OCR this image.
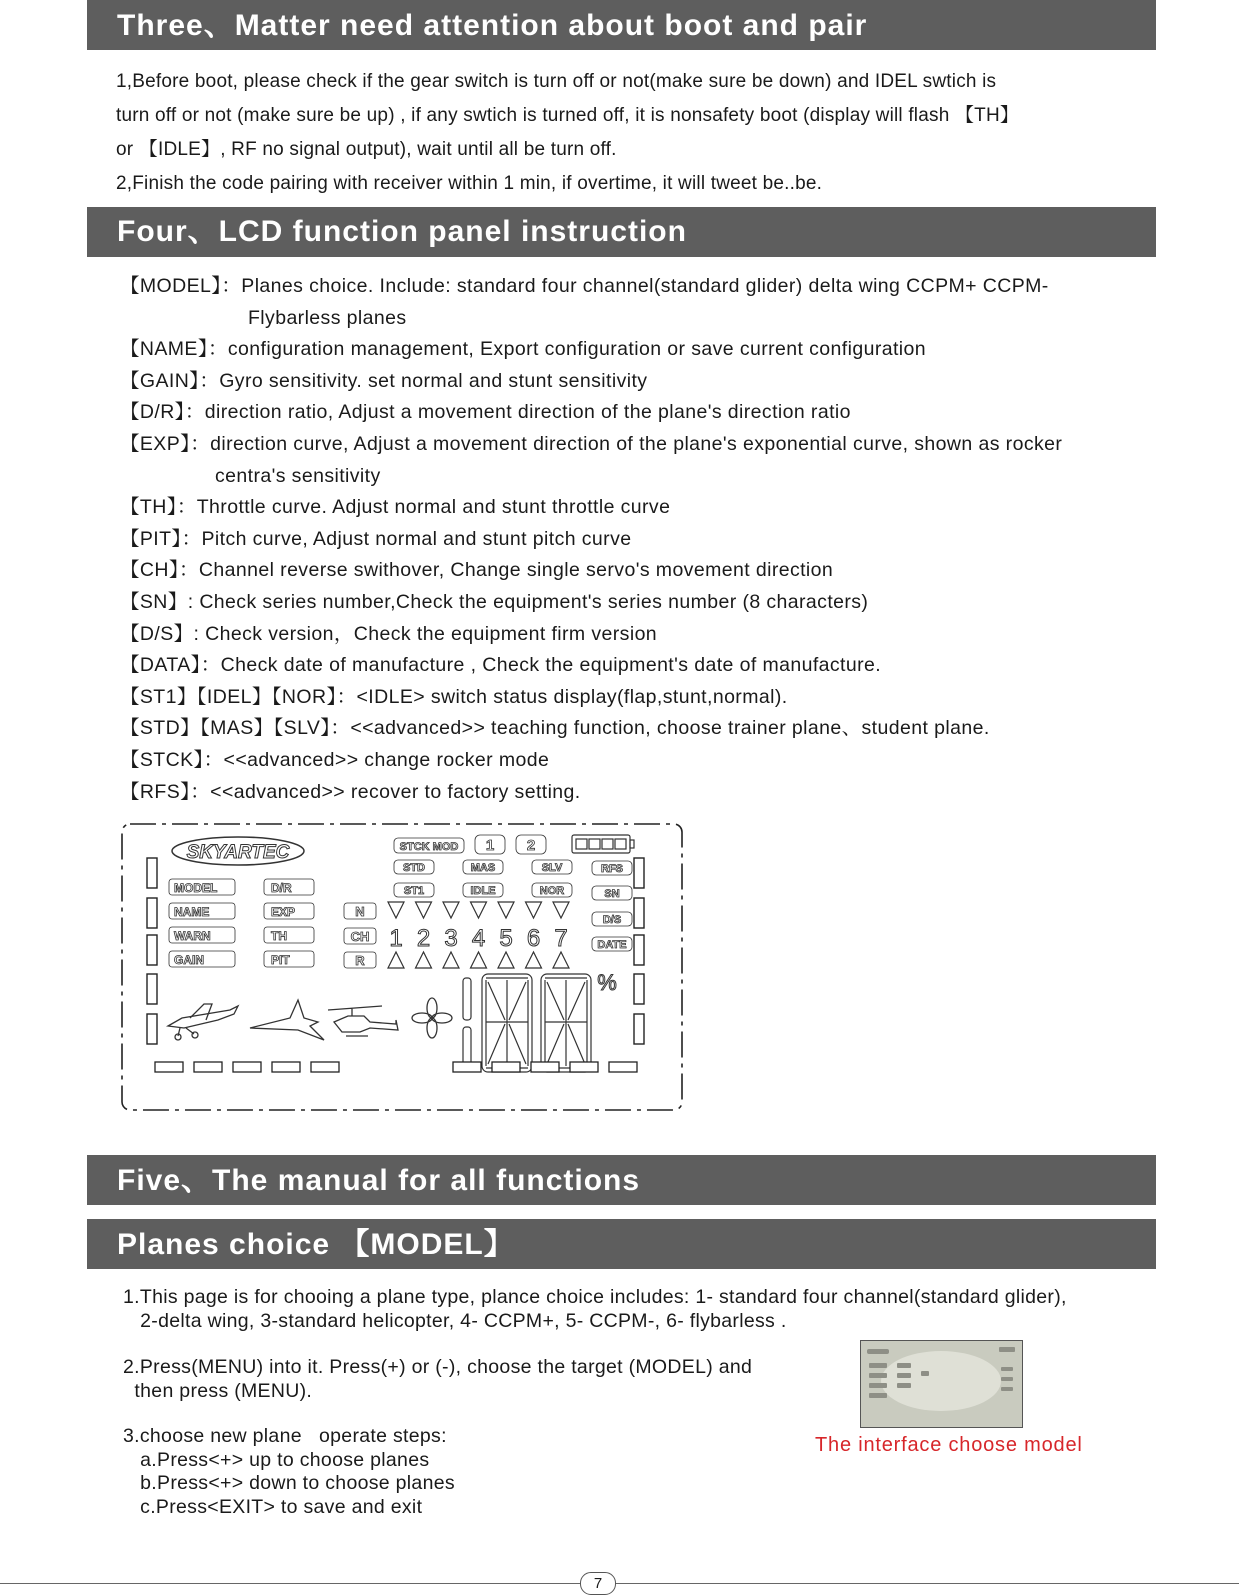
Three、Matter need attention about boot and pair
1,Before boot, please check if the gear switch is turn off or not(make sure be down) and IDEL swtich is
turn off or not (make sure be up) , if any swtich is turned off, it is nonsafety boot (display will flash 【TH】
or 【IDLE】, RF no signal output), wait until all be turn off.
2,Finish the code pairing with receiver within 1 min, if overtime, it will tweet be..be.
Four、LCD function panel instruction
【MODEL】：Planes choice. Include: standard four channel(standard glider) delta wing CCPM+ CCPM-
Flybarless planes
【NAME】：configuration management, Export configuration or save current configuration
【GAIN】：Gyro sensitivity. set normal and stunt sensitivity
【D/R】：direction ratio, Adjust a movement direction of the plane's direction ratio
【EXP】：direction curve, Adjust a movement direction of the plane's exponential curve, shown as rocker
centra's sensitivity
【TH】：Throttle curve. Adjust normal and stunt throttle curve
【PIT】：Pitch curve, Adjust normal and stunt pitch curve
【CH】：Channel reverse swithover, Change single servo's movement direction
【SN】: Check series number,Check the equipment's series number (8 characters)
【D/S】: Check version，Check the equipment firm version
【DATA】：Check date of manufacture , Check the equipment's date of manufacture.
【ST1】【IDEL】【NOR】：<IDLE> switch status display(flap,stunt,normal).
【STD】【MAS】【SLV】：<<advanced>> teaching function, choose trainer plane、student plane.
【STCK】：<<advanced>> change rocker mode
【RFS】：<<advanced>> recover to factory setting.
SKYARTEC	STCK MOD 1 2
STD	MAS	SLV
ST1	IDLE	NOR
RFS
SN
D/S
DATE
MODEL
NAME
WARN
GAIN
D/R
EXP
TH
PIT
N
CH
R
1 2 3 4 5 6 7
%
Five、The manual for all functions
Planes choice 【MODEL】
1.This page is for chooing a plane type, plance choice includes: 1- standard four channel(standard glider),
2-delta wing, 3-standard helicopter, 4- CCPM+, 5- CCPM-, 6- flybarless .
2.Press(MENU) into it. Press(+) or (-), choose the target (MODEL) and
then press (MENU).
3.choose new plane   operate steps:
a.Press<+> up to choose planes
b.Press<+> down to choose planes
c.Press<EXIT> to save and exit
The interface choose model
7
